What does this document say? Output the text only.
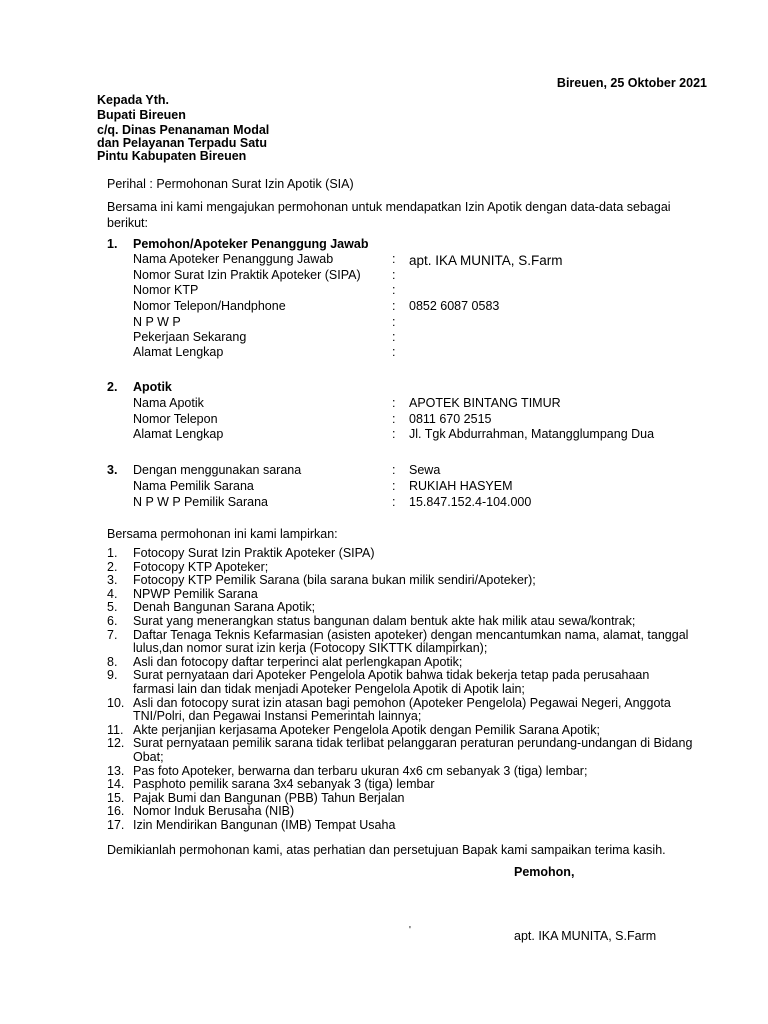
Bireuen, 25 Oktober 2021
Kepada Yth.
Bupati Bireuen
c/q. Dinas Penanaman Modal
dan Pelayanan Terpadu Satu
Pintu Kabupaten Bireuen
Perihal : Permohonan Surat Izin Apotik (SIA)
Bersama ini kami mengajukan permohonan untuk mendapatkan Izin Apotik dengan data-data sebagai berikut:
1. Pemohon/Apoteker Penanggung Jawab
Nama Apoteker Penanggung Jawab	: apt. IKA MUNITA, S.Farm
Nomor Surat Izin Praktik Apoteker (SIPA)	:
Nomor KTP	:
Nomor Telepon/Handphone	: 0852 6087 0583
N P W P	:
Pekerjaan Sekarang	:
Alamat Lengkap	:
2. Apotik
Nama Apotik	: APOTEK BINTANG TIMUR
Nomor Telepon	: 0811 670 2515
Alamat Lengkap	: Jl. Tgk Abdurrahman, Matangglumpang Dua
3. Dengan menggunakan sarana	: Sewa
Nama Pemilik Sarana	: RUKIAH HASYEM
N P W P Pemilik Sarana	: 15.847.152.4-104.000
Bersama permohonan ini kami lampirkan:
1. Fotocopy Surat Izin Praktik Apoteker (SIPA)
2. Fotocopy KTP Apoteker;
3. Fotocopy KTP Pemilik Sarana (bila sarana bukan milik sendiri/Apoteker);
4. NPWP Pemilik Sarana
5. Denah Bangunan Sarana Apotik;
6. Surat yang menerangkan status bangunan dalam bentuk akte hak milik atau sewa/kontrak;
7. Daftar Tenaga Teknis Kefarmasian (asisten apoteker) dengan mencantumkan nama, alamat, tanggal
lulus,dan nomor surat izin kerja (Fotocopy SIKTTK dilampirkan);
8. Asli dan fotocopy daftar terperinci alat perlengkapan Apotik;
9. Surat pernyataan dari Apoteker Pengelola Apotik bahwa tidak bekerja tetap pada perusahaan
farmasi lain dan tidak menjadi Apoteker Pengelola Apotik di Apotik lain;
10. Asli dan fotocopy surat izin atasan bagi pemohon (Apoteker Pengelola) Pegawai Negeri, Anggota
TNI/Polri, dan Pegawai Instansi Pemerintah lainnya;
11. Akte perjanjian kerjasama Apoteker Pengelola Apotik dengan Pemilik Sarana Apotik;
12. Surat pernyataan pemilik sarana tidak terlibat pelanggaran peraturan perundang-undangan di Bidang
Obat;
13. Pas foto Apoteker, berwarna dan terbaru ukuran 4x6 cm sebanyak 3 (tiga) lembar;
14. Pasphoto pemilik sarana 3x4 sebanyak 3 (tiga) lembar
15. Pajak Bumi dan Bangunan (PBB) Tahun Berjalan
16. Nomor Induk Berusaha (NIB)
17. Izin Mendirikan Bangunan (IMB) Tempat Usaha
Demikianlah permohonan kami, atas perhatian dan persetujuan Bapak kami sampaikan terima kasih.
Pemohon,
'	apt. IKA MUNITA, S.Farm
